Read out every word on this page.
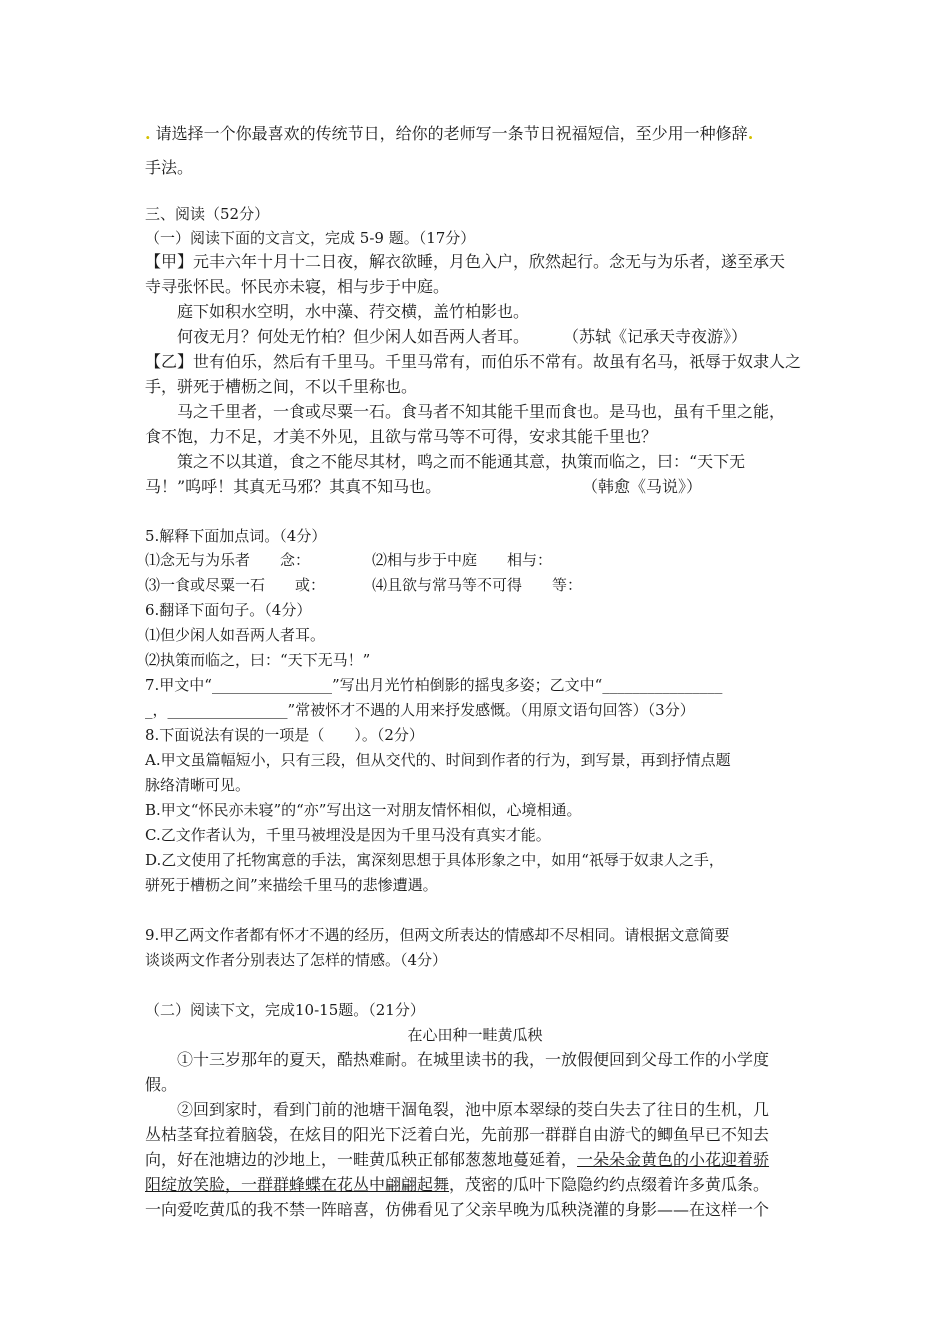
. 请选择一个你最喜欢的传统节日，给你的老师写一条节日祝福短信，至少用一种修辞.
手法。
三、阅读（52分）
（一）阅读下面的文言文，完成 5-9 题。（17分）
【甲】元丰六年十月十二日夜，解衣欲睡，月色入户，欣然起行。念无与为乐者，遂至承天
寺寻张怀民。怀民亦未寝，相与步于中庭。
庭下如积水空明，水中藻、荇交横，盖竹柏影也。
何夜无月？何处无竹柏？但少闲人如吾两人者耳。 （苏轼《记承天寺夜游》）
【乙】世有伯乐，然后有千里马。千里马常有，而伯乐不常有。故虽有名马，祇辱于奴隶人之
手，骈死于槽枥之间，不以千里称也。
马之千里者，一食或尽粟一石。食马者不知其能千里而食也。是马也，虽有千里之能，
食不饱，力不足，才美不外见，且欲与常马等不可得，安求其能千里也？
策之不以其道，食之不能尽其材，鸣之而不能通其意，执策而临之，曰：“天下无
马！”呜呼！其真无马邪？其真不知马也。	（韩愈《马说》）
5.解释下面加点词。（4分）
⑴念无与为乐者　　念：	⑵相与步于中庭　　相与：
⑶一食或尽粟一石　　或：	⑷且欲与常马等不可得　　等：
6.翻译下面句子。（4分）
⑴但少闲人如吾两人者耳。
⑵执策而临之，曰：“天下无马！”
7.甲文中“________________”写出月光竹柏倒影的摇曳多姿；乙文中“________________
_，________________”常被怀才不遇的人用来抒发感慨。（用原文语句回答）（3分）
8.下面说法有误的一项是（　　）。（2分）
A.甲文虽篇幅短小，只有三段，但从交代的、时间到作者的行为，到写景，再到抒情点题
脉络清晰可见。
B.甲文“怀民亦未寝”的“亦”写出这一对朋友情怀相似，心境相通。
C.乙文作者认为，千里马被埋没是因为千里马没有真实才能。
D.乙文使用了托物寓意的手法，寓深刻思想于具体形象之中，如用“祇辱于奴隶人之手，
骈死于槽枥之间”来描绘千里马的悲惨遭遇。
9.甲乙两文作者都有怀才不遇的经历，但两文所表达的情感却不尽相同。请根据文意简要
谈谈两文作者分别表达了怎样的情感。（4分）
（二）阅读下文，完成10-15题。（21分）
在心田种一畦黄瓜秧
①十三岁那年的夏天，酷热难耐。在城里读书的我，一放假便回到父母工作的小学度
假。
②回到家时，看到门前的池塘干涸龟裂，池中原本翠绿的茭白失去了往日的生机，几
丛枯茎耷拉着脑袋，在炫目的阳光下泛着白光，先前那一群群自由游弋的鲫鱼早已不知去
向，好在池塘边的沙地上，一畦黄瓜秧正郁郁葱葱地蔓延着，一朵朵金黄色的小花迎着骄
阳绽放笑脸，一群群蜂蝶在花丛中翩翩起舞，茂密的瓜叶下隐隐约约点缀着许多黄瓜条。
一向爱吃黄瓜的我不禁一阵暗喜，仿佛看见了父亲早晚为瓜秧浇灌的身影——在这样一个
